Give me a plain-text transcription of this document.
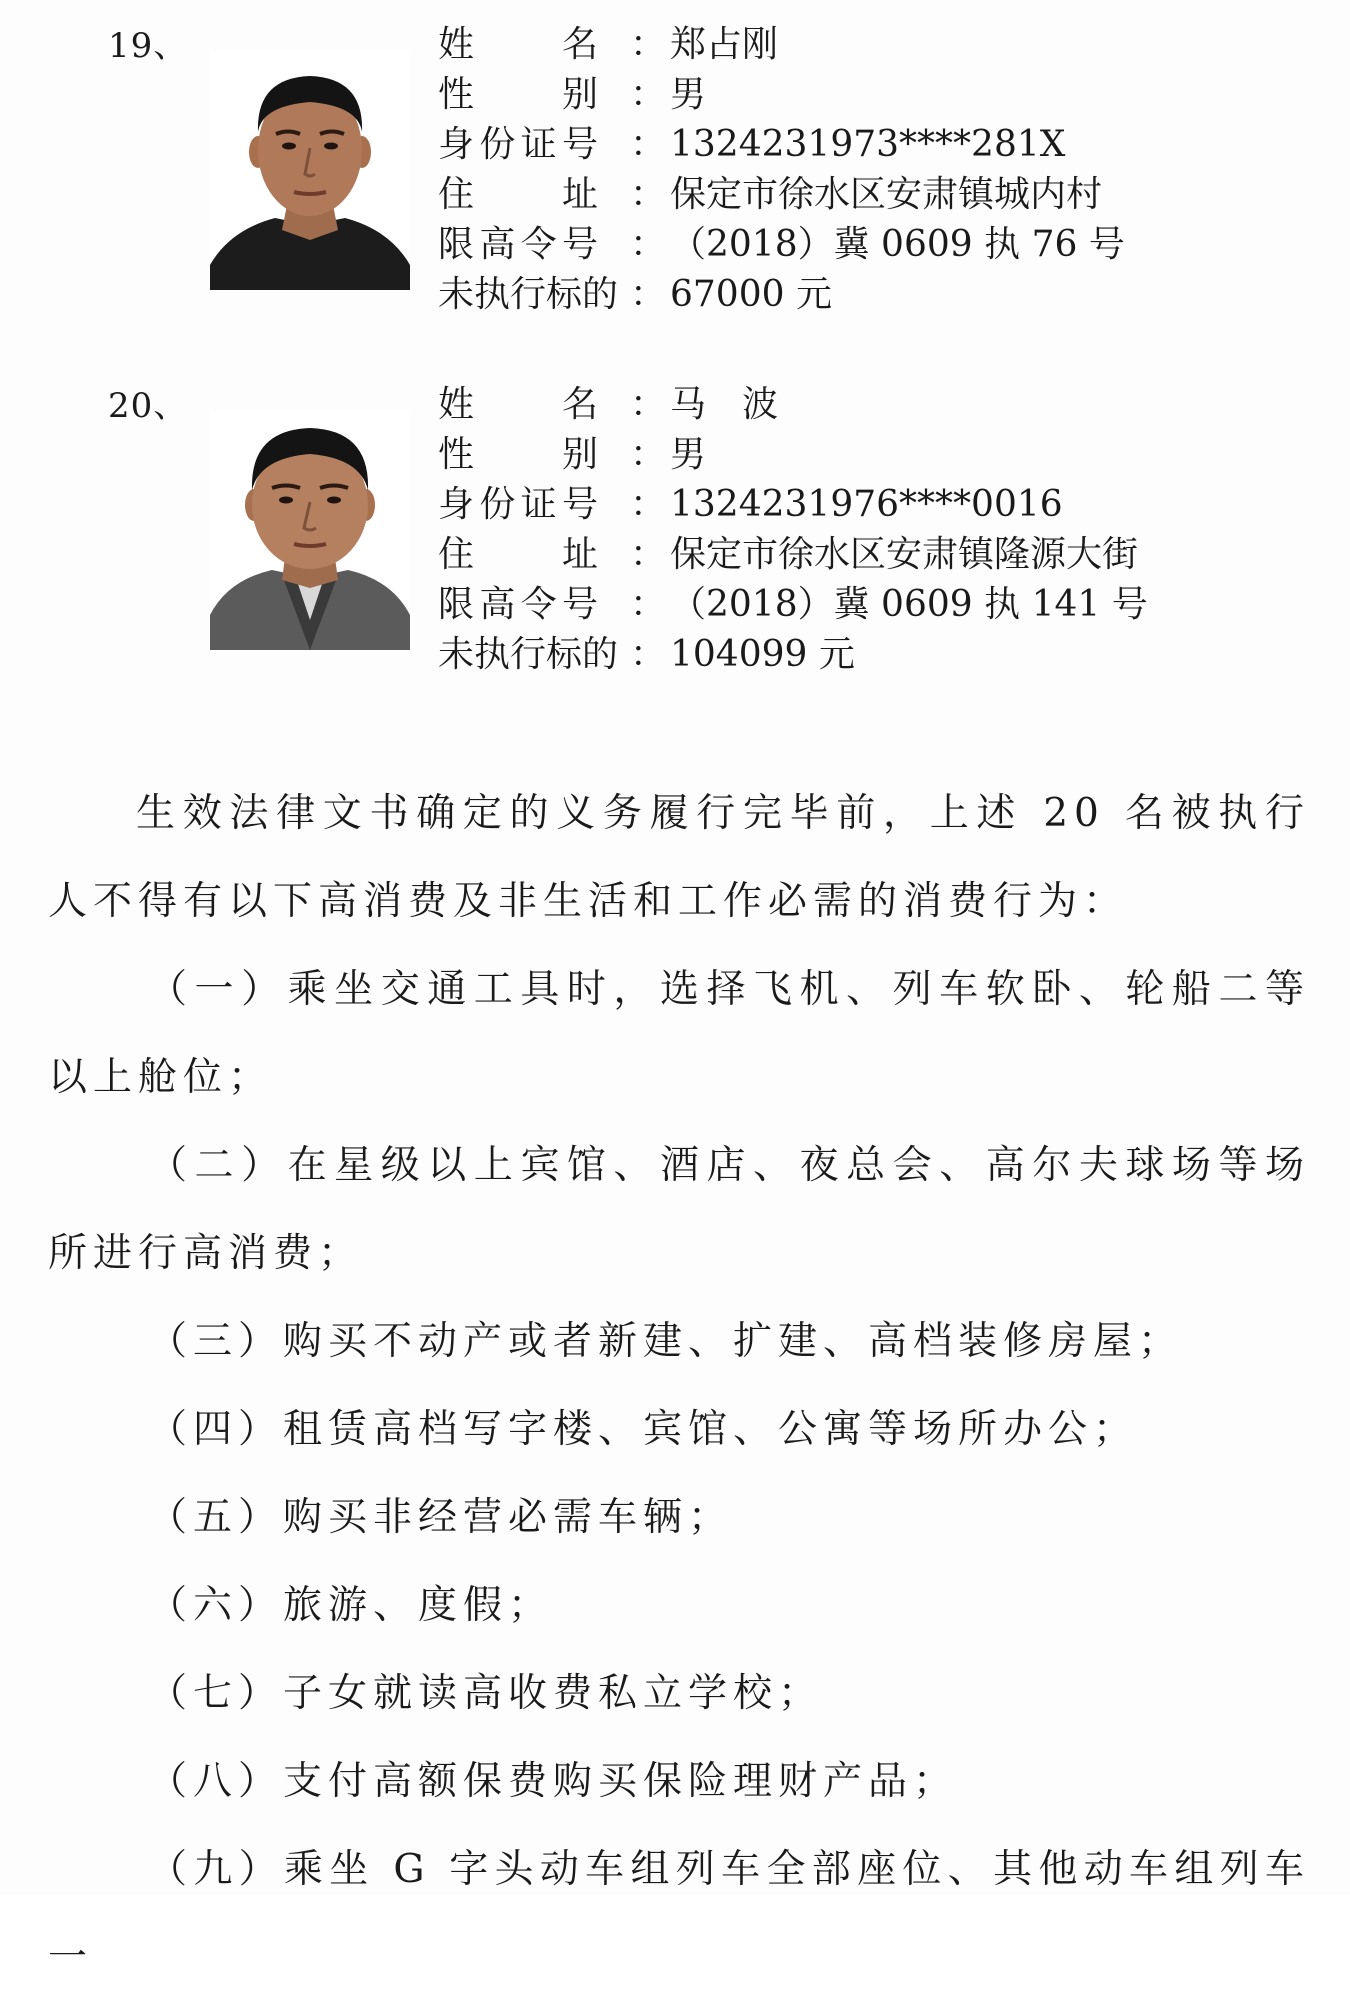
19、	姓名 ： 郑占刚
性别 ： 男
身份证号 ： 1324231973****281X
住址 ： 保定市徐水区安肃镇城内村
限高令号 ： （2018）冀 0609 执 76 号
未执行标的 ： 67000 元
20、	姓名 ： 马　波
性别 ： 男
身份证号 ： 1324231976****0016
住址 ： 保定市徐水区安肃镇隆源大街
限高令号 ： （2018）冀 0609 执 141 号
未执行标的 ： 104099 元

生效法律文书确定的义务履行完毕前，上述 20 名被执行人不得有以下高消费及非生活和工作必需的消费行为：

（一）乘坐交通工具时，选择飞机、列车软卧、轮船二等以上舱位；

（二）在星级以上宾馆、酒店、夜总会、高尔夫球场等场所进行高消费；

（三）购买不动产或者新建、扩建、高档装修房屋；

（四）租赁高档写字楼、宾馆、公寓等场所办公；

（五）购买非经营必需车辆；

（六）旅游、度假；

（七）子女就读高收费私立学校；

（八）支付高额保费购买保险理财产品；

（九）乘坐 G 字头动车组列车全部座位、其他动车组列车一
